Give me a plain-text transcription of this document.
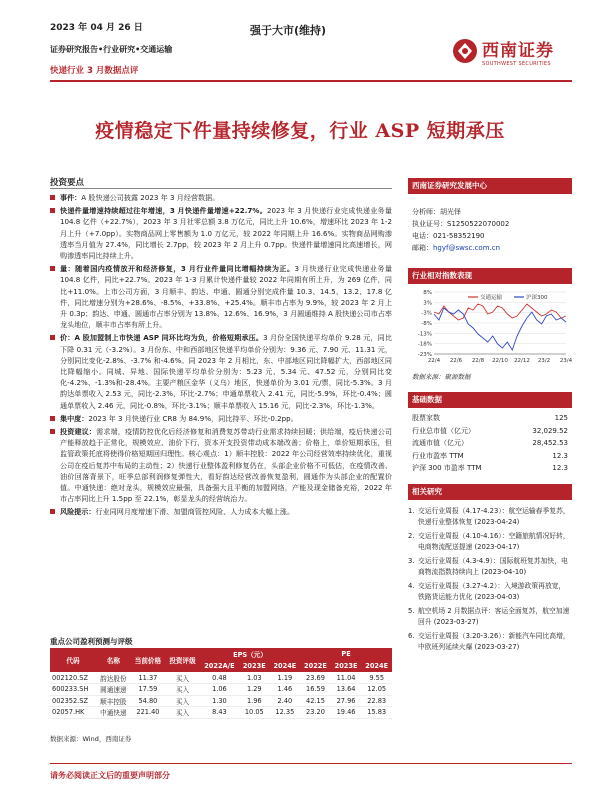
2023 年 04 月 26 日
证券研究报告•行业研究•交通运输
快递行业 3 月数据点评
强于大市(维持)
西南证券
SOUTHWEST SECURITIES
疫情稳定下件量持续修复，行业 ASP 短期承压
投资要点
事件：A 股快递公司披露 2023 年 3 月经营数据。
快递件量增速持续超过往年增速，3 月快递件量增速+22.7%。2023 年 3 月快递行业完成快递业务量 104.8 亿件（+22.7%），2023 年 3 月社零总额 3.8 万亿元，同比上升 10.6%，增速环比 2023 年 1-2 月上升（+7.0pp）。实物商品网上零售额为 1.0 万亿元，较 2022 年同期上升 16.6%。实物商品网购渗透率当月值为 27.4%，同比增长 2.7pp，较 2023 年 2 月上升 0.7pp。快递件量增速同比高速增长，网购渗透率同比持续上升。
量：随着国内疫情放开和经济修复，3 月行业件量同比增幅持续为正。3 月快递行业完成快递业务量 104.8 亿件，同比+22.7%。2023 年 1-3 月累计快递件量较 2022 年同期有所上升，为 269 亿件，同比+11.0%。上市公司方面，3 月顺丰、韵达、申通、圆通分别完成件量 10.3、14.5、13.2、17.8 亿件，同比增速分别为+28.6%、-8.5%、+33.8%、+25.4%。顺丰市占率为 9.9%，较 2023 年 2 月上升 0.3p；韵达、申通、圆通市占率分别为 13.8%、12.6%、16.9%，3 月圆通维持 A 股快递公司市占率龙头地位，顺丰市占率有所上升。
价：A 股加盟制上市快递 ASP 同环比均为负，价格短期承压。3 月份全国快递平均单价 9.28 元，同比下降 0.31 元（-3.2%）。3 月份东、中和西部地区快递平均单价分别为：9.36 元、7.90 元、11.31 元，分别同比变化-2.8%、-3.7% 和-4.6%。同 2023 年 2 月相比，东、中部地区同比降幅扩大，西部地区同比降幅缩小。同城、异地、国际快递平均单价分别为：5.23 元、5.34 元、47.52 元，分别同比变化-4.2%、-1.3%和-28.4%。主要产粮区金华（义乌）地区，快递单价为 3.01 元/票，同比-5.3%。3 月韵达单票收入 2.53 元，同比-2.3%，环比-2.7%；申通单票收入 2.41 元，同比-5.9%，环比-0.4%；圆通单票收入 2.46 元，同比-0.8%，环比-3.1%；顺丰单票收入 15.16 元，同比-2.3%，环比-1.3%。
集中度：2023 年 3 月快递行业 CR8 为 84.9%，同比持平、环比-0.2pp。
投资建议：需求端，疫情防控优化后经济修复和消费复苏带动行业需求持续回暖；供给端，疫后快递公司产能释放趋于正常化，规模效应、油价下行，资本开支投资带动成本端改善；价格上，单价短期承压，但监管政策托底将使得价格短期回归理性。核心观点：1）顺丰控股：2022 年公司经营效率持续优化，重视公司在疫后复苏中布局的主动性；2）快递行业整体盈利修复仍在，头部企业价格不可低估，在疫情改善、油价回落背景下，旺季总部利润修复弹性大，看好韵达经营改善恢复盈利，圆通作为头部企业的配置价值。中通快递：绝对龙头，规模效应最强，具备强大且平衡的加盟网络，产能及现金储备充裕，2022 年市占率同比上升 1.5pp 至 22.1%，彰显龙头的经营统治力。
风险提示：行业同网月度增速下滑、加盟商管控风险、人力成本大幅上涨。
重点公司盈利预测与评级
代码	名称	当前价格	投资评级	EPS（元）			PE		
				2022A/E	2023E	2024E	2022E	2023E	2024E
002120.SZ	韵达股份	11.37	买入	0.48	1.03	1.19	23.69	11.04	9.55
600233.SH	圆通速递	17.59	买入	1.06	1.29	1.46	16.59	13.64	12.05
002352.SZ	顺丰控股	54.80	买入	1.30	1.96	2.40	42.15	27.96	22.83
02057.HK	中通快递	221.40	买入	8.43	10.05	12.35	23.20	19.46	15.83
数据来源：Wind，西南证券
西南证券研究发展中心
分析师：胡光怿
执业证号：S1250522070002
电话：021-58352190
邮箱：hgyf@swsc.com.cn
行业相对指数表现
8%
3%
-3%
-8%
-13%
-18%
-23%
22/4 22/6 22/8 22/10 22/12 23/2 23/4
交通运输	沪深300
数据来源：聚源数据
基础数据
股票家数	125
行业总市值（亿元）	32,029.52
流通市值（亿元）	28,452.53
行业市盈率 TTM	12.3
沪深 300 市盈率 TTM	12.3
相关研究
1. 交运行业周报（4.17-4.23）：航空运输春季复苏，快递行业整体恢复 (2023-04-24)
2. 交运行业周报（4.10-4.16）：空籍旅航情况好转，电商物流配送提速 (2023-04-17)
3. 交运行业周报（4.3-4.9）：国际航班复苏加快，电商物流指数持续向上 (2023-04-10)
4. 交运行业周报（3.27-4.2）：入境游政策再放宽，铁路货运能力优化 (2023-04-03)
5. 航空机场 2 月数据点评：客运全面复苏，航空加速回升 (2023-03-27)
6. 交运行业周报（3.20-3.26）：新能汽车同比高增，中欧班列延续火爆 (2023-03-27)
请务必阅读正文后的重要声明部分
